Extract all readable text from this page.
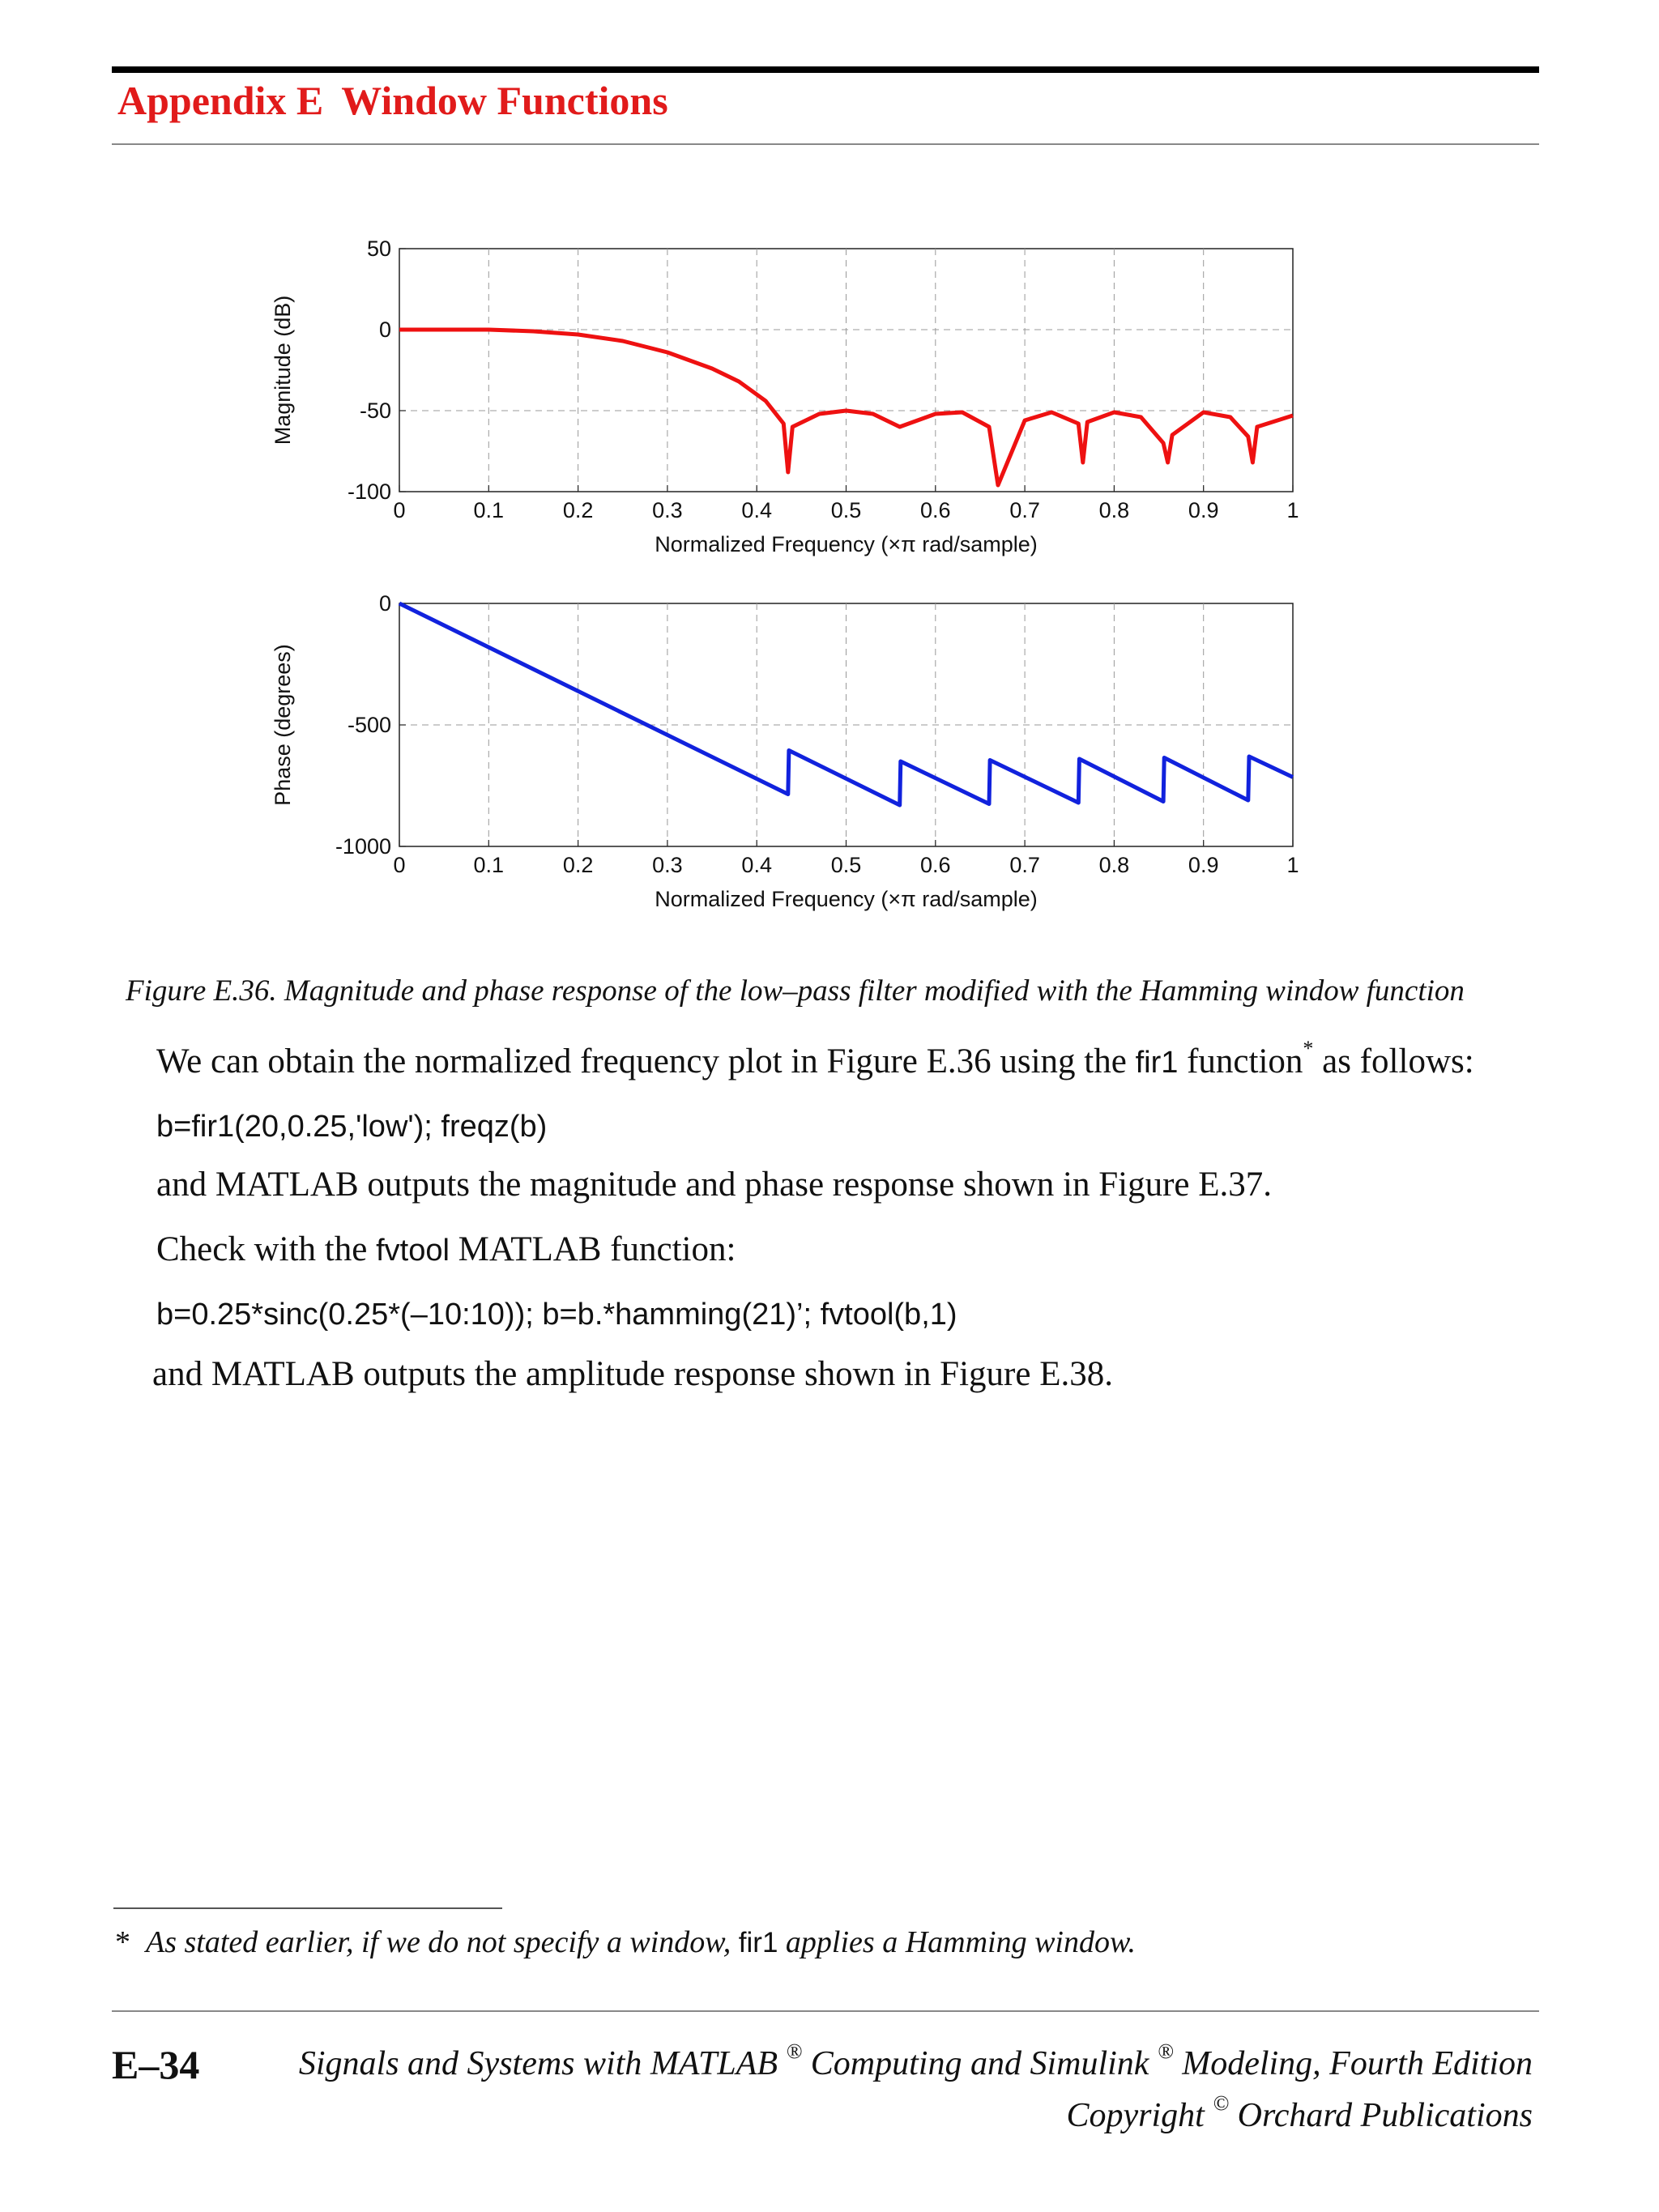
Appendix E Window Functions
0	0.1	0.2	0.3	0.4	0.5	0.6	0.7	0.8	0.9	1
50
0
-50
-100
Normalized Frequency (×π rad/sample)
Magnitude (dB)
0	0.1	0.2	0.3	0.4	0.5	0.6	0.7	0.8	0.9	1
0
-500
-1000
Normalized Frequency (×π rad/sample)
Phase (degrees)
Figure E.36. Magnitude and phase response of the low–pass filter modified with the Hamming window function
We can obtain the normalized frequency plot in Figure E.36 using the fir1 function* as follows:
b=fir1(20,0.25,'low'); freqz(b)
and MATLAB outputs the magnitude and phase response shown in Figure E.37.
Check with the fvtool MATLAB function:
b=0.25*sinc(0.25*(–10:10)); b=b.*hamming(21)’; fvtool(b,1)
and MATLAB outputs the amplitude response shown in Figure E.38.
* As stated earlier, if we do not specify a window, fir1 applies a Hamming window.
E–34	Signals and Systems with MATLAB ® Computing and Simulink ® Modeling, Fourth Edition
Copyright © Orchard Publications
